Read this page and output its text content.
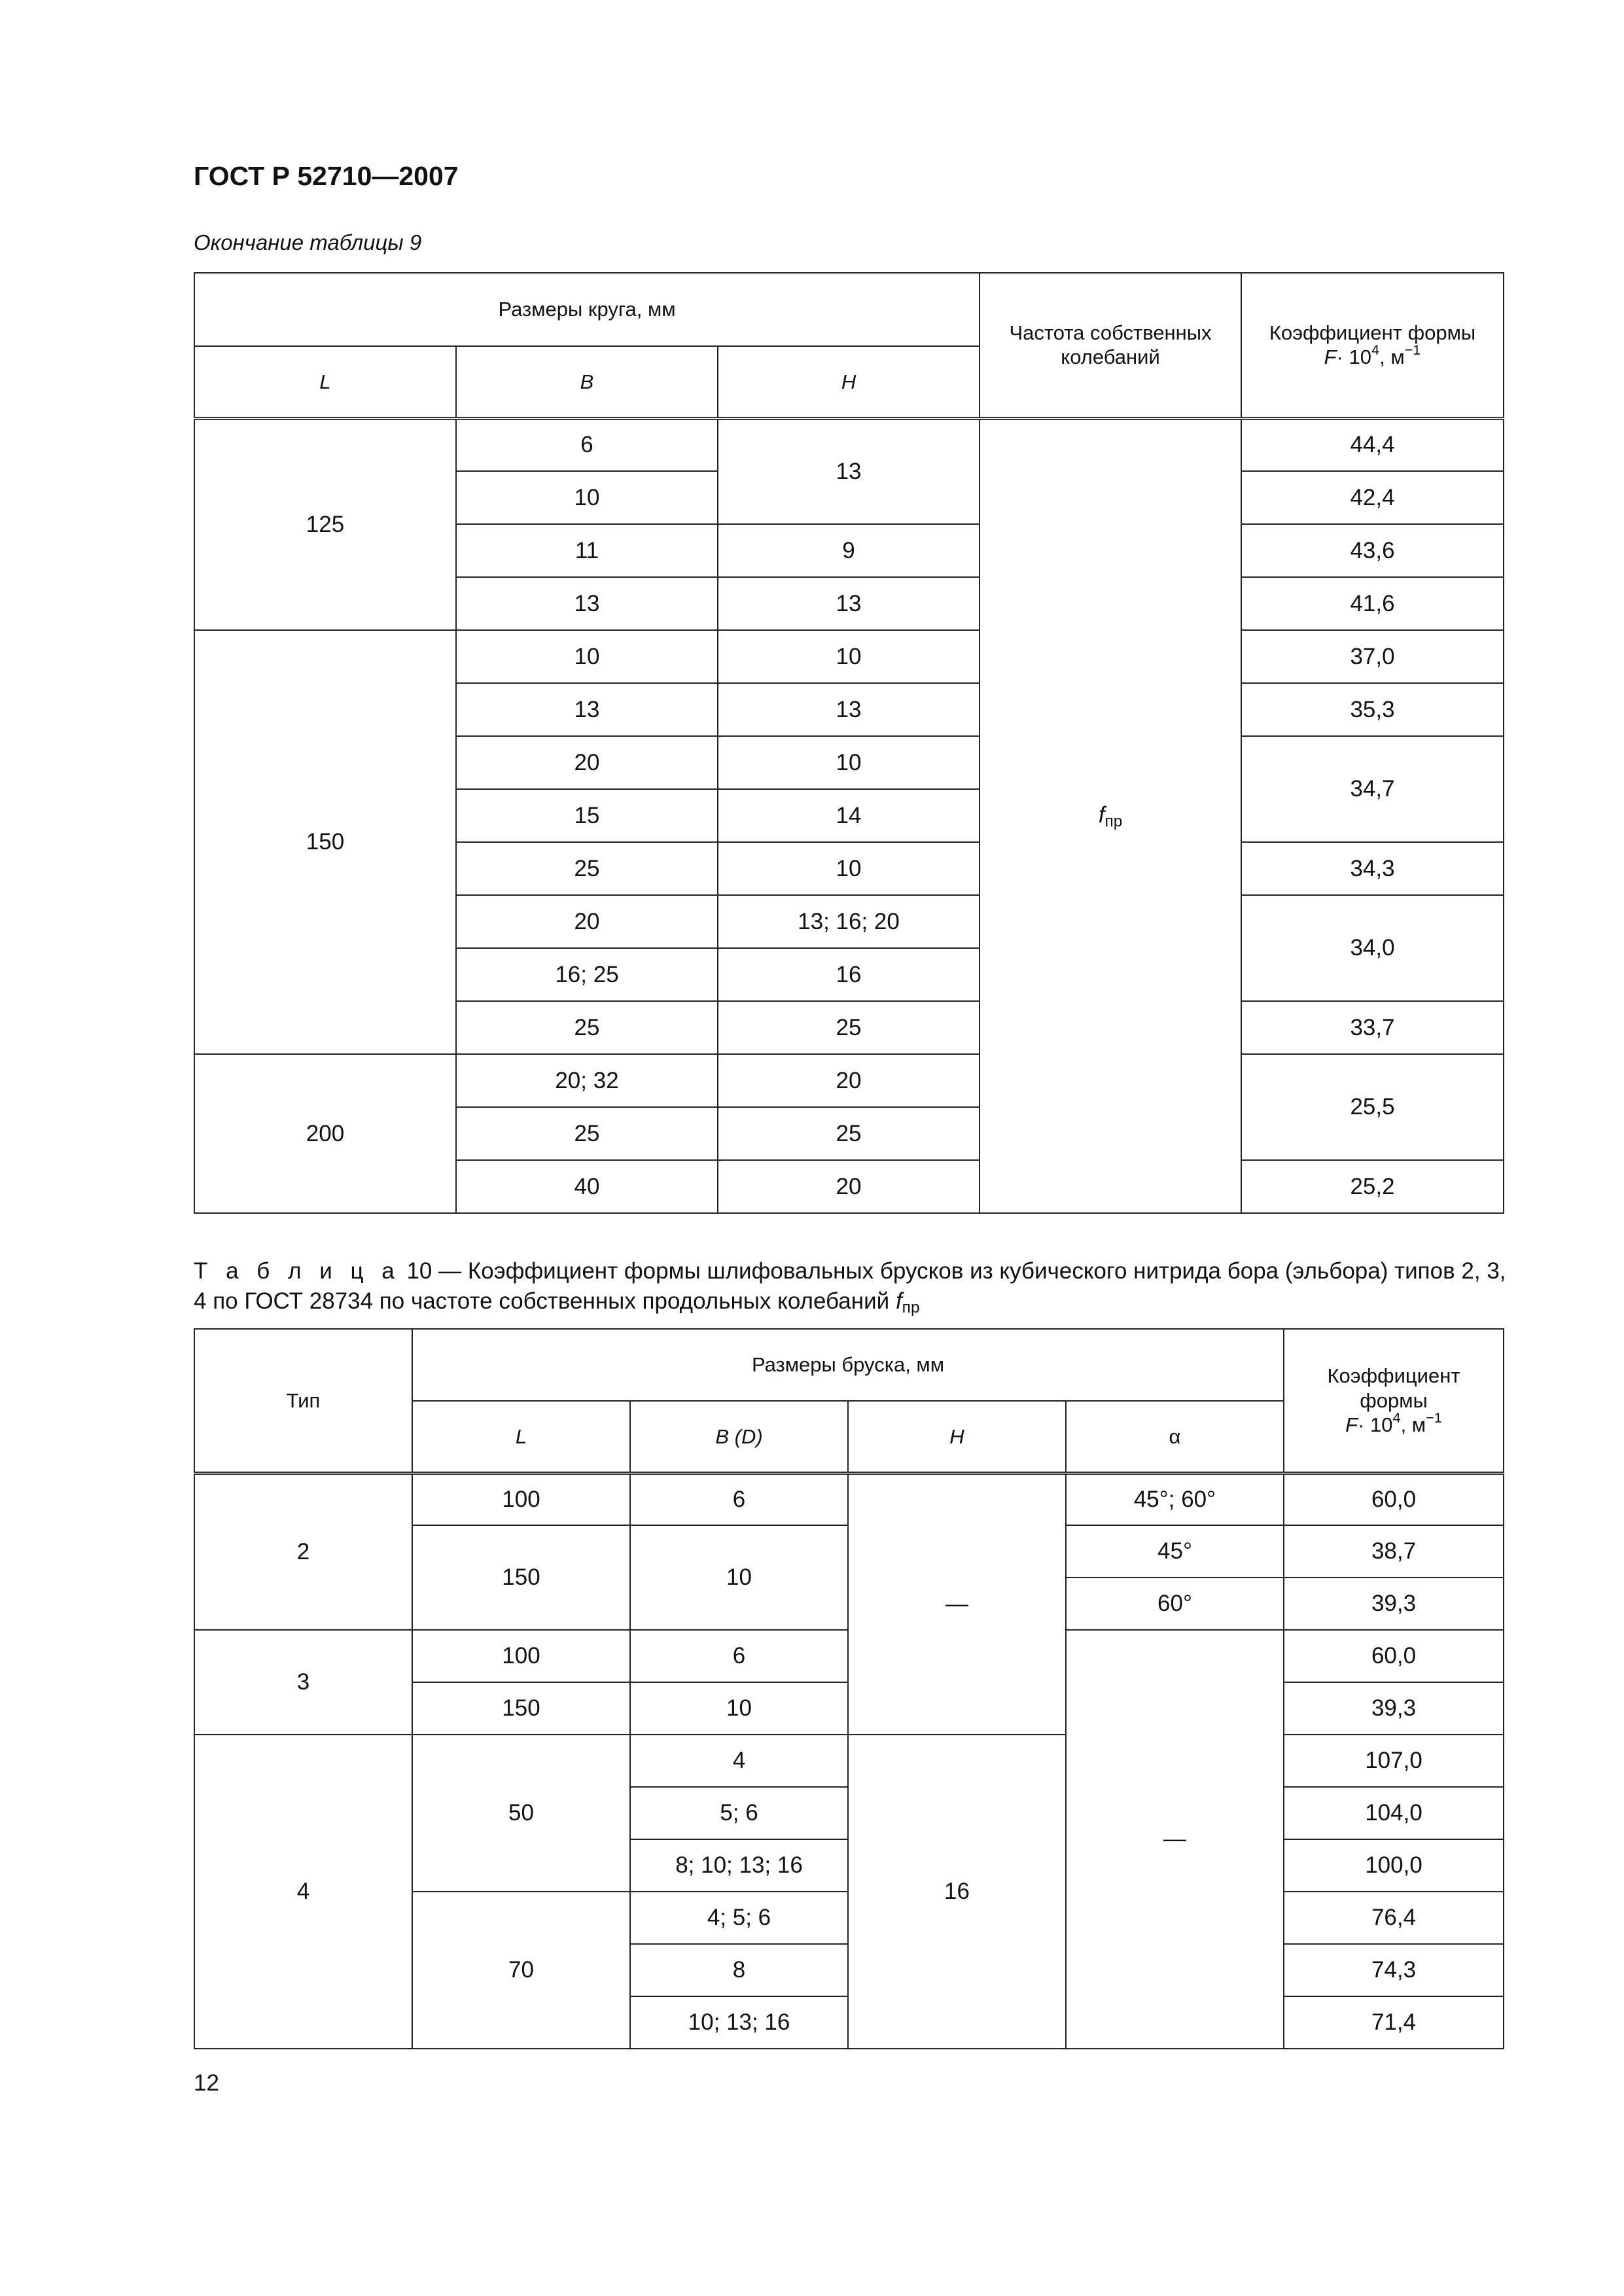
ГОСТ Р 52710—2007
Окончание таблицы 9
Размеры круга, мм			Частота собственных колебаний	Коэффициент формы
$F\cdot 10^4$, $м^{-1}$
L	B	H		
125	6	13	$f_{пр}$	44,4
	10			42,4
	11	9		43,6
	13	13		41,6
150	10	10		37,0
	13	13		35,3
	20	10		34,7
	15	14		
	25	10		34,3
	20	13; 16; 20		34,0
	16; 25	16		
	25	25		33,7
200	20; 32	20		25,5
	25	25		
	40	20		25,2
Т а б л и ц а 10 — Коэффициент формы шлифовальных брусков из кубического нитрида бора (эльбора) типов 2, 3, 4 по ГОСТ 28734 по частоте собственных продольных колебаний $f_{пр}$
Тип	Размеры бруска, мм				Коэффициент
формы
$F\cdot 10^4$, $м^{-1}$
	L	B (D)	H	α	
2	100	6	—	45°; 60°	60,0
	150	10		45°	38,7
				60°	39,3
3	100	6		—	60,0
	150	10			39,3
4	50	4	16		107,0
		5; 6			104,0
		8; 10; 13; 16			100,0
	70	4; 5; 6			76,4
		8			74,3
		10; 13; 16			71,4
12
